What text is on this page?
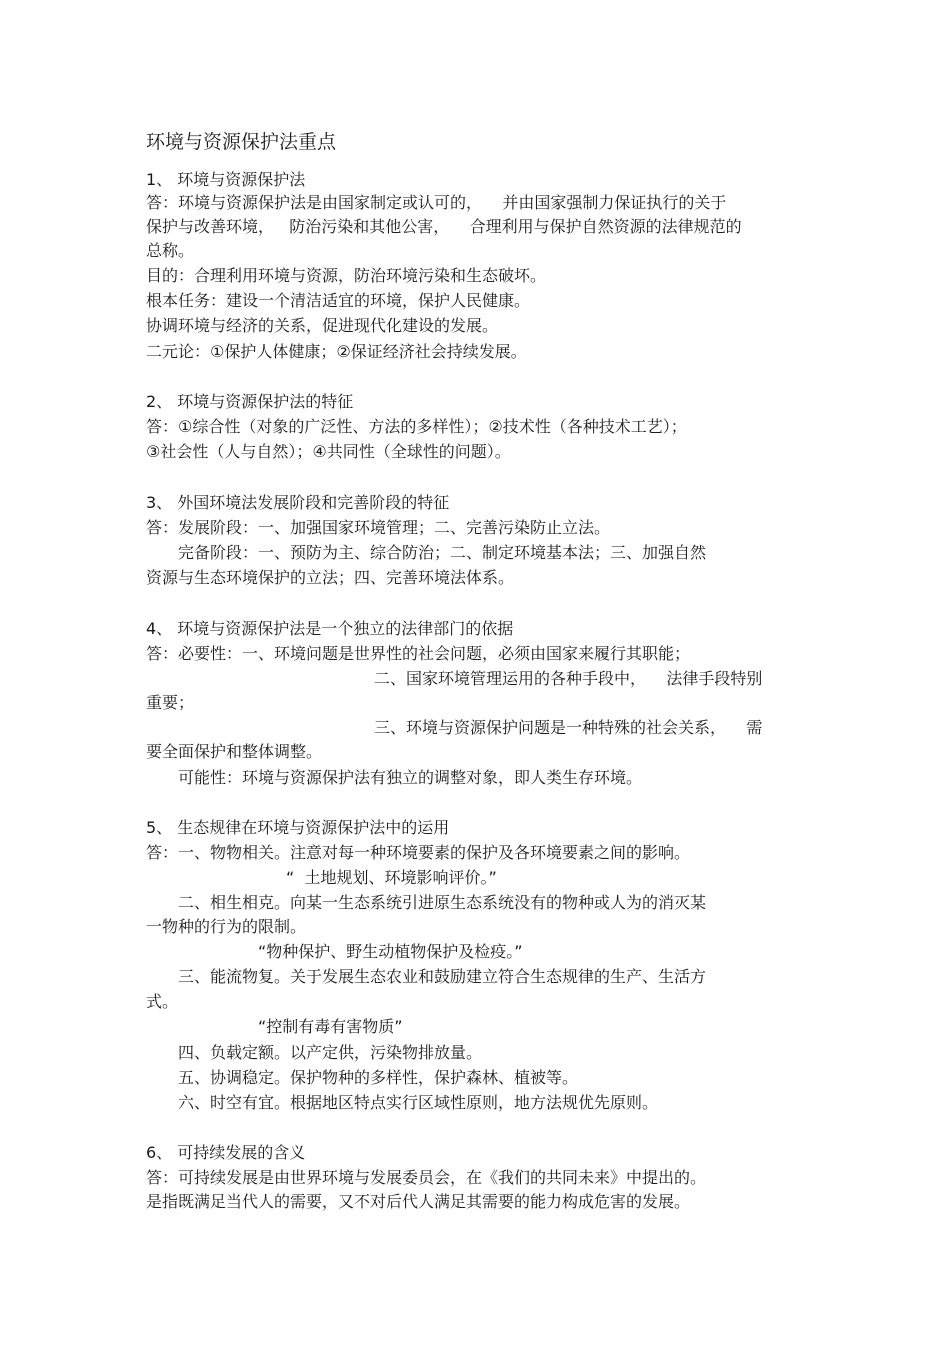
环境与资源保护法重点
1、 环境与资源保护法
答：环境与资源保护法是由国家制定或认可的，    并由国家强制力保证执行的关于
保护与改善环境，   防治污染和其他公害，    合理利用与保护自然资源的法律规范的
总称。
目的：合理利用环境与资源，防治环境污染和生态破坏。
根本任务：建设一个清洁适宜的环境，保护人民健康。
协调环境与经济的关系，促进现代化建设的发展。
二元论：①保护人体健康；②保证经济社会持续发展。
2、 环境与资源保护法的特征
答：①综合性（对象的广泛性、方法的多样性）；②技术性（各种技术工艺）；
③社会性（人与自然）；④共同性（全球性的问题）。
3、 外国环境法发展阶段和完善阶段的特征
答：发展阶段：一、加强国家环境管理；二、完善污染防止立法。
完备阶段：一、预防为主、综合防治；二、制定环境基本法；三、加强自然
资源与生态环境保护的立法；四、完善环境法体系。
4、 环境与资源保护法是一个独立的法律部门的依据
答：必要性：一、环境问题是世界性的社会问题，必须由国家来履行其职能；
二、国家环境管理运用的各种手段中，    法律手段特别
重要；
三、环境与资源保护问题是一种特殊的社会关系，    需
要全面保护和整体调整。
可能性：环境与资源保护法有独立的调整对象，即人类生存环境。
5、 生态规律在环境与资源保护法中的运用
答：一、物物相关。注意对每一种环境要素的保护及各环境要素之间的影响。
“  土地规划、环境影响评价。”
二、相生相克。向某一生态系统引进原生态系统没有的物种或人为的消灭某
一物种的行为的限制。
“物种保护、野生动植物保护及检疫。”
三、能流物复。关于发展生态农业和鼓励建立符合生态规律的生产、生活方
式。
“控制有毒有害物质”
四、负载定额。以产定供，污染物排放量。
五、协调稳定。保护物种的多样性，保护森林、植被等。
六、时空有宜。根据地区特点实行区域性原则，地方法规优先原则。
6、 可持续发展的含义
答：可持续发展是由世界环境与发展委员会，在《我们的共同未来》中提出的。
是指既满足当代人的需要，又不对后代人满足其需要的能力构成危害的发展。
